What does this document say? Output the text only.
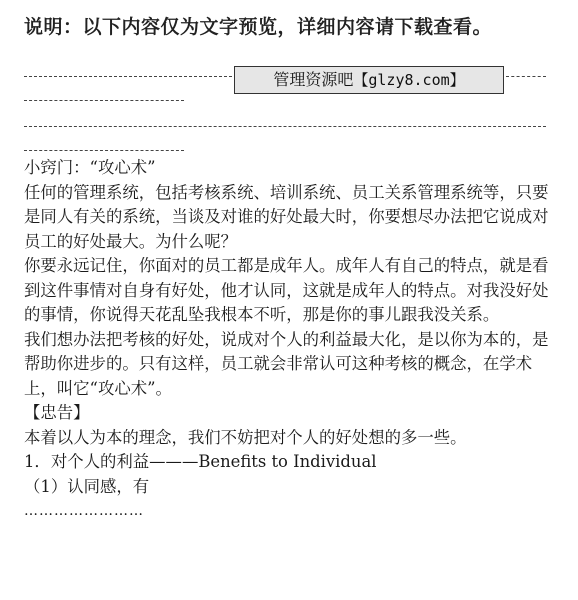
说明：以下内容仅为文字预览，详细内容请下载查看。
管理资源吧【glzy8.com】

小窍门：“攻心术”

任何的管理系统，包括考核系统、培训系统、员工关系管理系统等，只要是同人有关的系统，当谈及对谁的好处最大时，你要想尽办法把它说成对员工的好处最大。为什么呢？

你要永远记住，你面对的员工都是成年人。成年人有自己的特点，就是看到这件事情对自身有好处，他才认同，这就是成年人的特点。对我没好处的事情，你说得天花乱坠我根本不听，那是你的事儿跟我没关系。

我们想办法把考核的好处，说成对个人的利益最大化，是以你为本的，是帮助你进步的。只有这样，员工就会非常认可这种考核的概念，在学术上，叫它“攻心术”。

【忠告】

本着以人为本的理念，我们不妨把对个人的好处想的多一些。

1．对个人的利益———Benefits to Individual

（1）认同感，有

……………………
